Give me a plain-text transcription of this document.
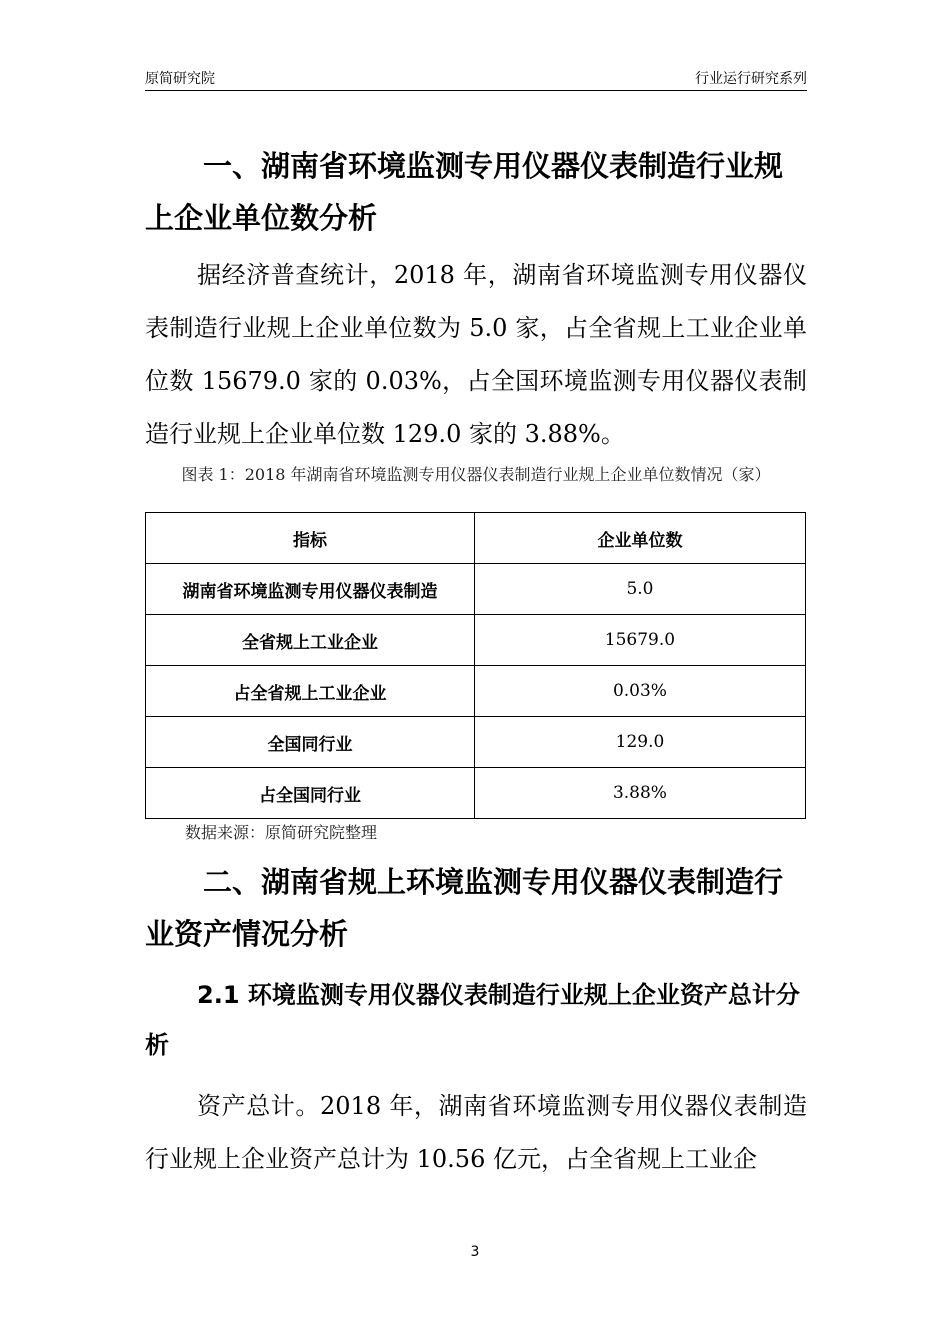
原简研究院	行业运行研究系列
一、湖南省环境监测专用仪器仪表制造行业规上企业单位数分析

据经济普查统计，2018 年，湖南省环境监测专用仪器仪表制造行业规上企业单位数为 5.0 家，占全省规上工业企业单位数 15679.0 家的 0.03%，占全国环境监测专用仪器仪表制造行业规上企业单位数 129.0 家的 3.88%。

图表 1：2018 年湖南省环境监测专用仪器仪表制造行业规上企业单位数情况（家）
指标	企业单位数
湖南省环境监测专用仪器仪表制造	5.0
全省规上工业企业	15679.0
占全省规上工业企业	0.03%
全国同行业	129.0
占全国同行业	3.88%
数据来源：原简研究院整理
二、湖南省规上环境监测专用仪器仪表制造行业资产情况分析
2.1 环境监测专用仪器仪表制造行业规上企业资产总计分析

资产总计。2018 年，湖南省环境监测专用仪器仪表制造行业规上企业资产总计为 10.56 亿元，占全省规上工业企

3
